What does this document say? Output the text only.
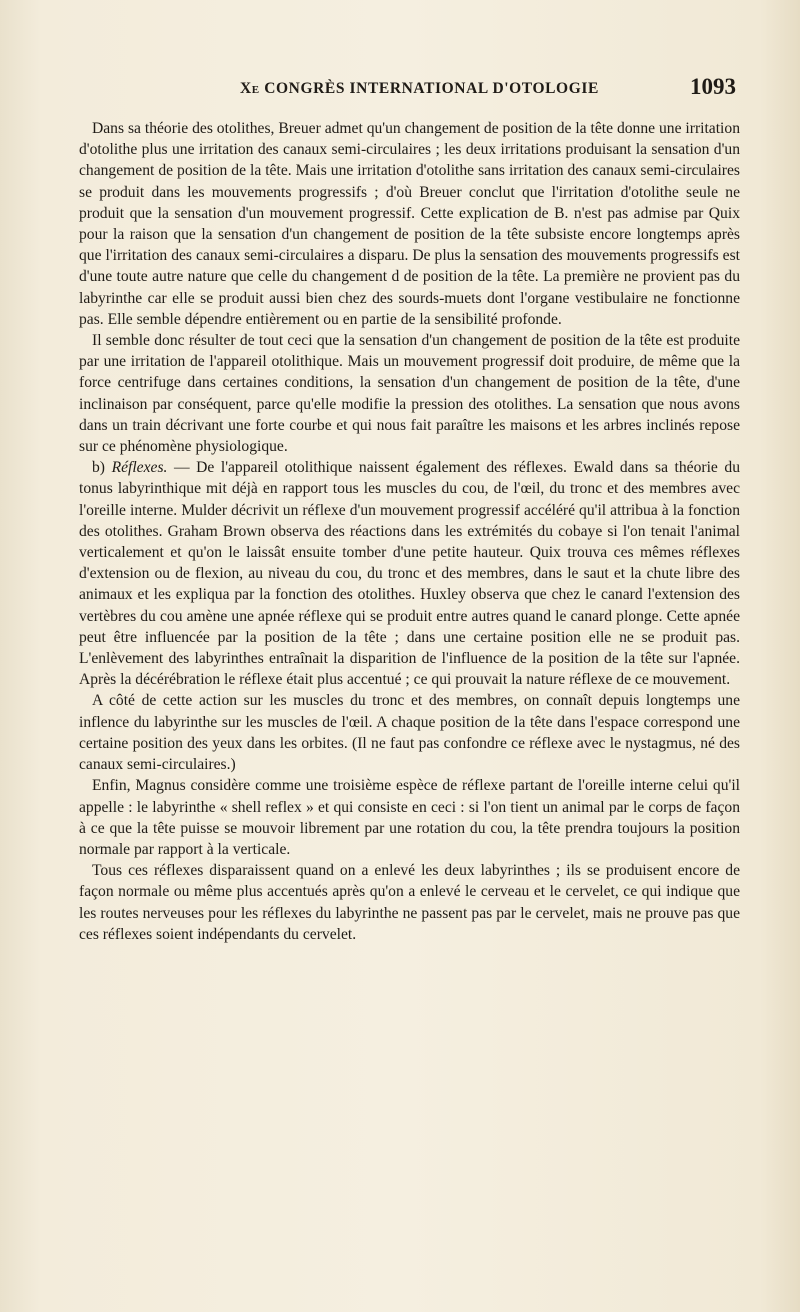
Xe CONGRÈS INTERNATIONAL D'OTOLOGIE	1093

Dans sa théorie des otolithes, Breuer admet qu'un changement de position de la tête donne une irritation d'otolithe plus une irritation des canaux semi-circulaires ; les deux irritations produisant la sensation d'un changement de position de la tête. Mais une irritation d'otolithe sans irritation des canaux semi-circulaires se produit dans les mouvements progressifs ; d'où Breuer conclut que l'irritation d'otolithe seule ne produit que la sensation d'un mouvement progressif. Cette explication de B. n'est pas admise par Quix pour la raison que la sensation d'un changement de position de la tête subsiste encore longtemps après que l'irritation des canaux semi-circulaires a disparu. De plus la sensation des mouvements progressifs est d'une toute autre nature que celle du changement d de position de la tête. La première ne provient pas du labyrinthe car elle se produit aussi bien chez des sourds-muets dont l'organe vestibulaire ne fonctionne pas. Elle semble dépendre entièrement ou en partie de la sensibilité profonde.

Il semble donc résulter de tout ceci que la sensation d'un changement de position de la tête est produite par une irritation de l'appareil otolithique. Mais un mouvement progressif doit produire, de même que la force centrifuge dans certaines conditions, la sensation d'un changement de position de la tête, d'une inclinaison par conséquent, parce qu'elle modifie la pression des otolithes. La sensation que nous avons dans un train décrivant une forte courbe et qui nous fait paraître les maisons et les arbres inclinés repose sur ce phénomène physiologique.

b) Réflexes. — De l'appareil otolithique naissent également des réflexes. Ewald dans sa théorie du tonus labyrinthique mit déjà en rapport tous les muscles du cou, de l'œil, du tronc et des membres avec l'oreille interne. Mulder décrivit un réflexe d'un mouvement progressif accéléré qu'il attribua à la fonction des otolithes. Graham Brown observa des réactions dans les extrémités du cobaye si l'on tenait l'animal verticalement et qu'on le laissât ensuite tomber d'une petite hauteur. Quix trouva ces mêmes réflexes d'extension ou de flexion, au niveau du cou, du tronc et des membres, dans le saut et la chute libre des animaux et les expliqua par la fonction des otolithes. Huxley observa que chez le canard l'extension des vertèbres du cou amène une apnée réflexe qui se produit entre autres quand le canard plonge. Cette apnée peut être influencée par la position de la tête ; dans une certaine position elle ne se produit pas. L'enlèvement des labyrinthes entraînait la disparition de l'influence de la position de la tête sur l'apnée. Après la décérébration le réflexe était plus accentué ; ce qui prouvait la nature réflexe de ce mouvement.

A côté de cette action sur les muscles du tronc et des membres, on connaît depuis longtemps une inflence du labyrinthe sur les muscles de l'œil. A chaque position de la tête dans l'espace correspond une certaine position des yeux dans les orbites. (Il ne faut pas confondre ce réflexe avec le nystagmus, né des canaux semi-circulaires.)

Enfin, Magnus considère comme une troisième espèce de réflexe partant de l'oreille interne celui qu'il appelle : le labyrinthe « shell reflex » et qui consiste en ceci : si l'on tient un animal par le corps de façon à ce que la tête puisse se mouvoir librement par une rotation du cou, la tête prendra toujours la position normale par rapport à la verticale.

Tous ces réflexes disparaissent quand on a enlevé les deux labyrinthes ; ils se produisent encore de façon normale ou même plus accentués après qu'on a enlevé le cerveau et le cervelet, ce qui indique que les routes nerveuses pour les réflexes du labyrinthe ne passent pas par le cervelet, mais ne prouve pas que ces réflexes soient indépendants du cervelet.
